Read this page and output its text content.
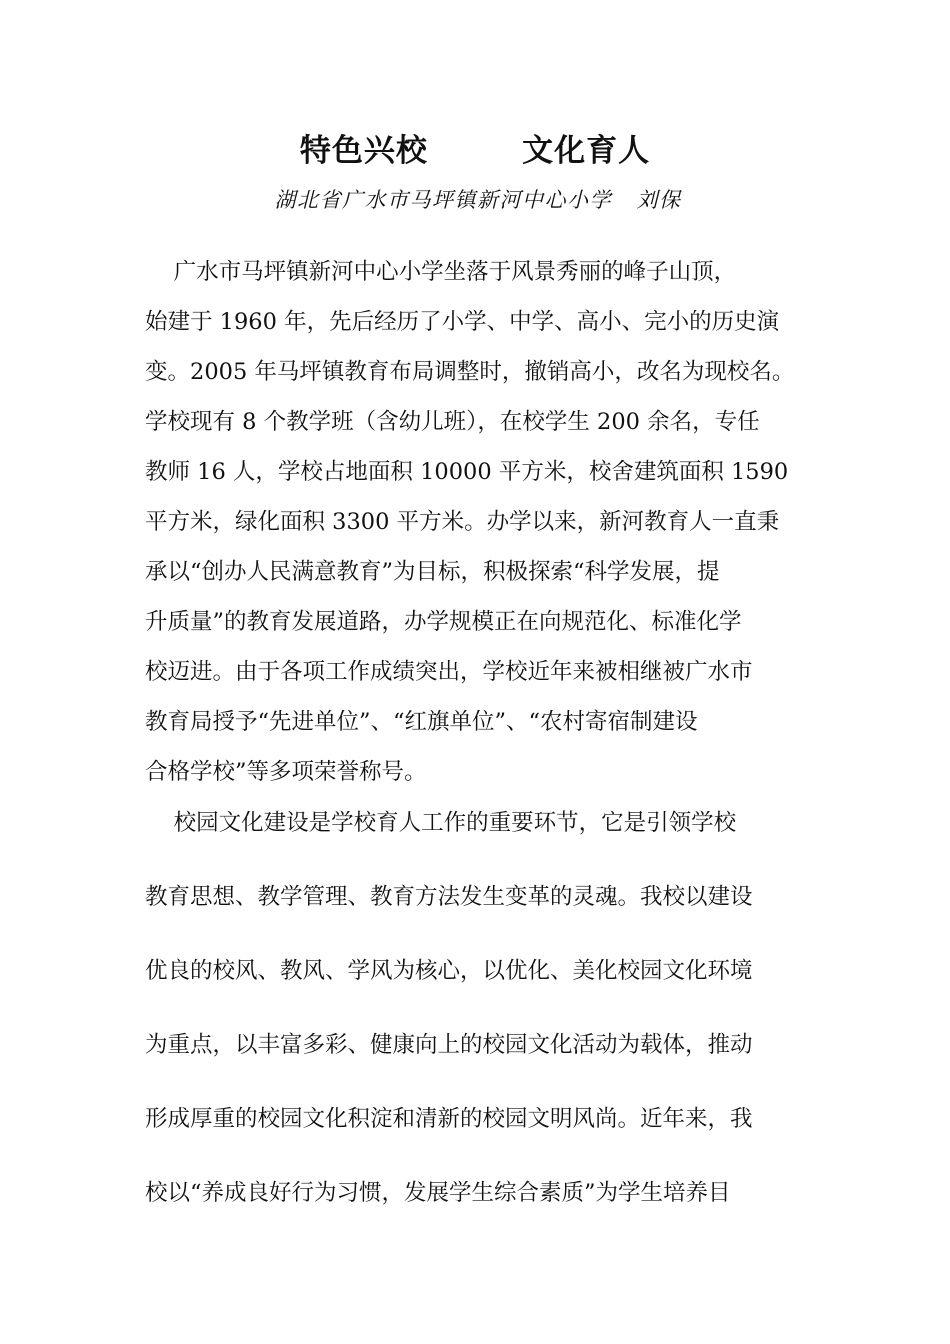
特色兴校        文化育人
湖北省广水市马坪镇新河中心小学   刘保
广水市马坪镇新河中心小学坐落于风景秀丽的峰子山顶，
始建于 1960 年，先后经历了小学、中学、高小、完小的历史演
变。2005 年马坪镇教育布局调整时，撤销高小，改名为现校名。
学校现有 8 个教学班（含幼儿班），在校学生 200 余名，专任
教师 16 人，学校占地面积 10000 平方米，校舍建筑面积 1590
平方米，绿化面积 3300 平方米。办学以来，新河教育人一直秉
承以“创办人民满意教育”为目标，积极探索“科学发展，提
升质量”的教育发展道路，办学规模正在向规范化、标准化学
校迈进。由于各项工作成绩突出，学校近年来被相继被广水市
教育局授予“先进单位”、“红旗单位”、“农村寄宿制建设
合格学校”等多项荣誉称号。
校园文化建设是学校育人工作的重要环节，它是引领学校
教育思想、教学管理、教育方法发生变革的灵魂。我校以建设
优良的校风、教风、学风为核心，以优化、美化校园文化环境
为重点，以丰富多彩、健康向上的校园文化活动为载体，推动
形成厚重的校园文化积淀和清新的校园文明风尚。近年来，我
校以“养成良好行为习惯，发展学生综合素质”为学生培养目
